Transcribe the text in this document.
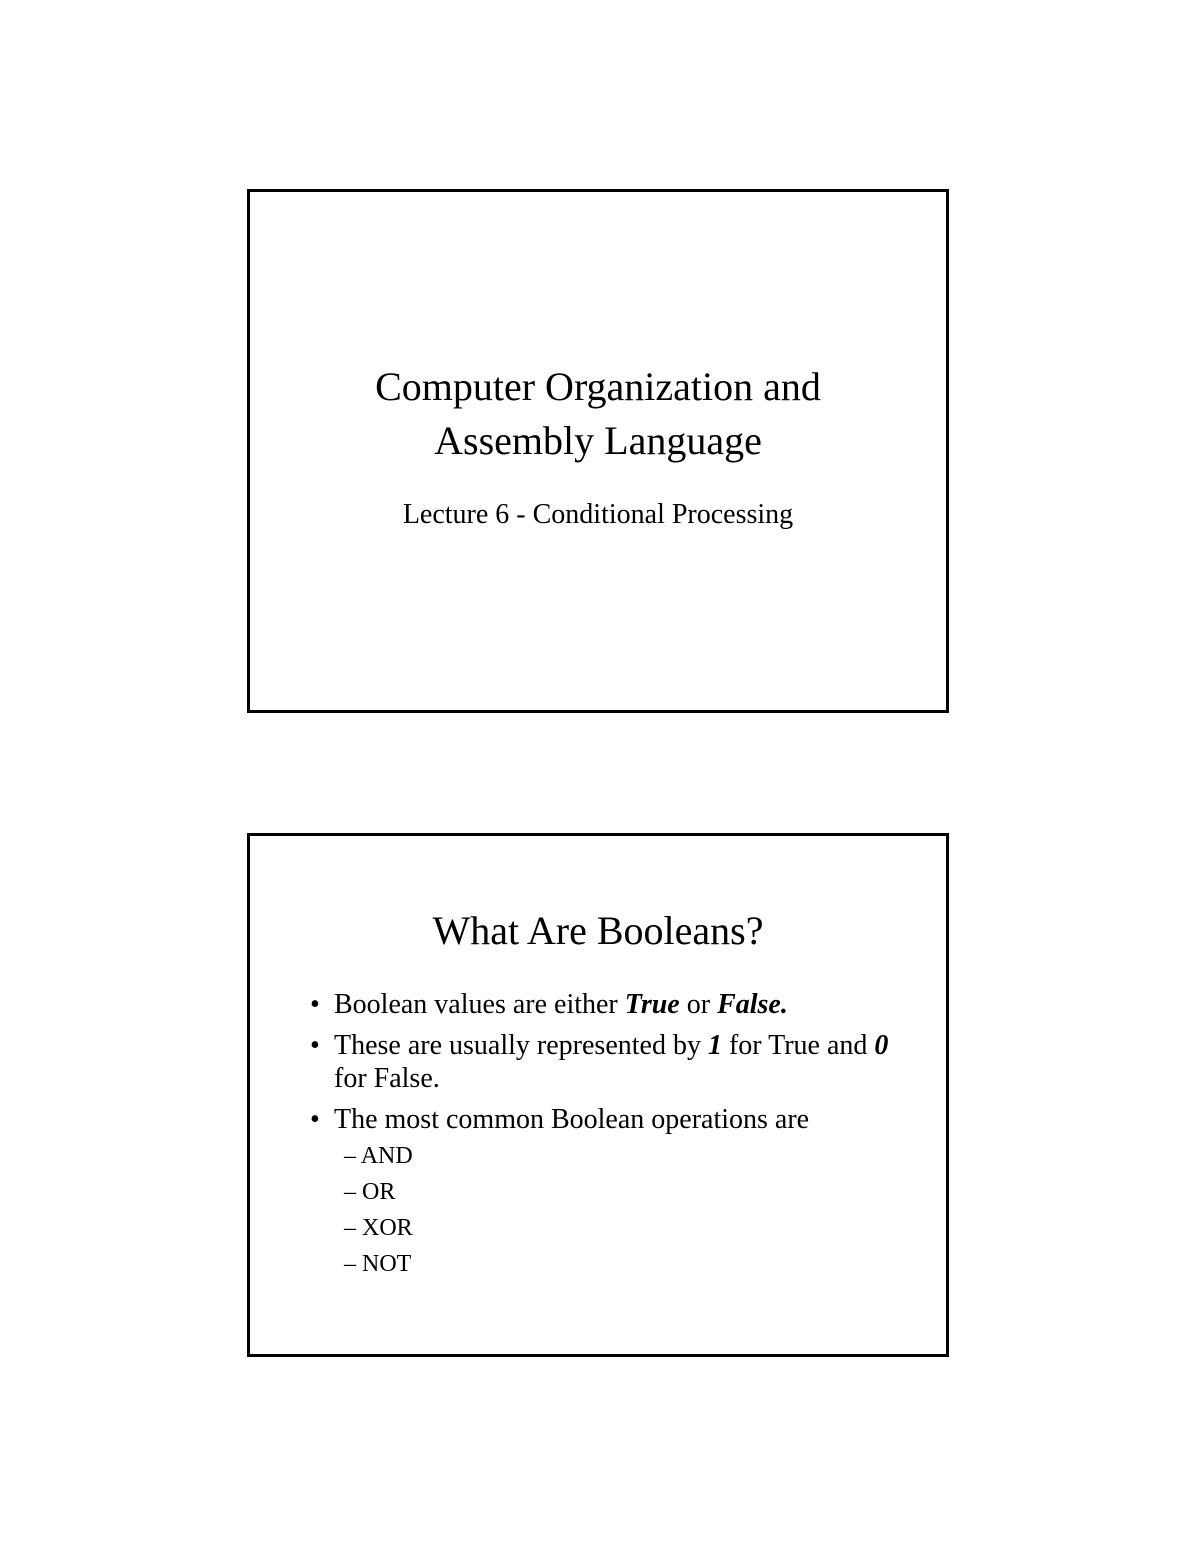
Computer Organization and
Assembly Language

Lecture 6 - Conditional Processing

What Are Booleans?
• Boolean values are either True or False.
• These are usually represented by 1 for True and 0 for False.
• The most common Boolean operations are
– AND
– OR
– XOR
– NOT
